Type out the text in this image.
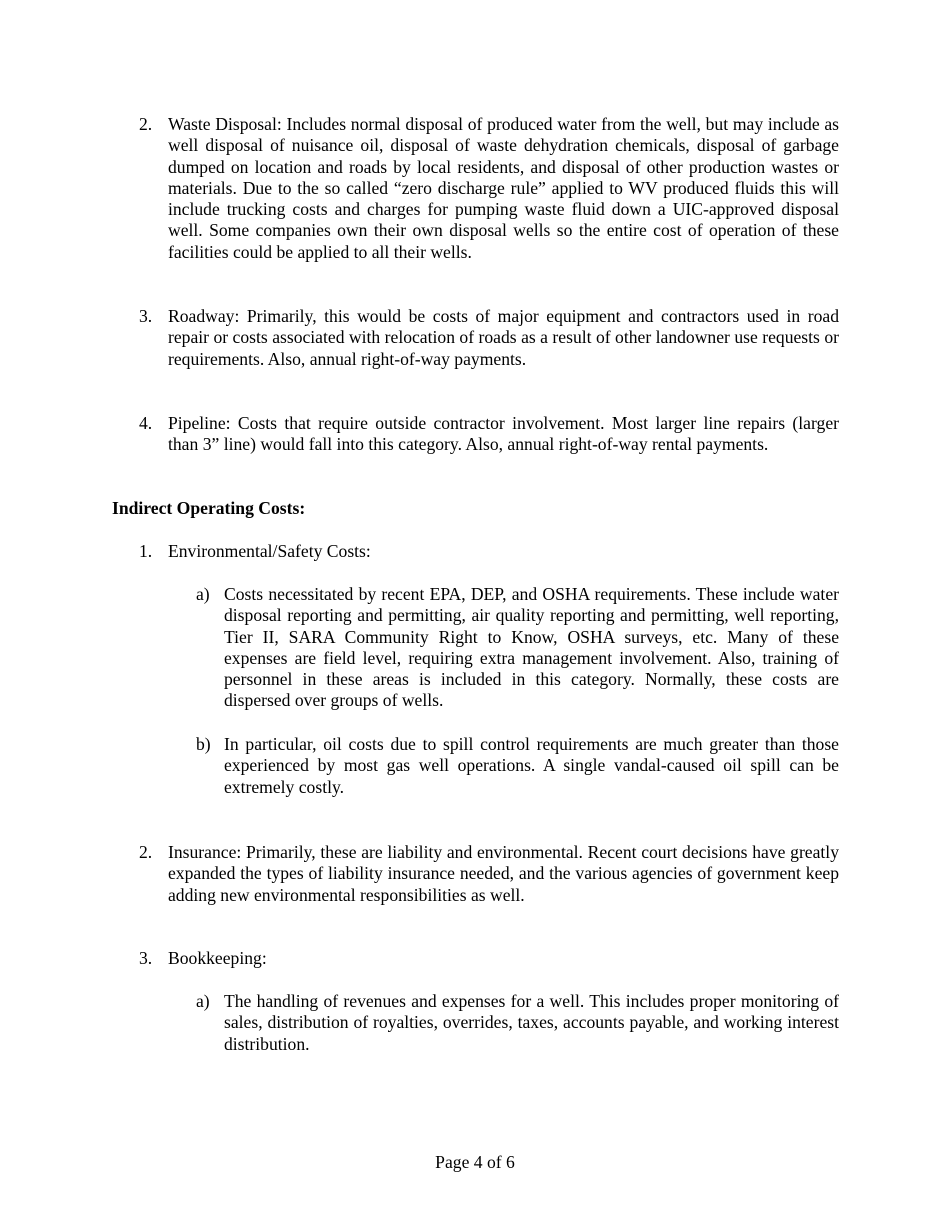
2. Waste Disposal: Includes normal disposal of produced water from the well, but may include as well disposal of nuisance oil, disposal of waste dehydration chemicals, disposal of garbage dumped on location and roads by local residents, and disposal of other production wastes or materials. Due to the so called “zero discharge rule” applied to WV produced fluids this will include trucking costs and charges for pumping waste fluid down a UIC-approved disposal well. Some companies own their own disposal wells so the entire cost of operation of these facilities could be applied to all their wells.
3. Roadway: Primarily, this would be costs of major equipment and contractors used in road repair or costs associated with relocation of roads as a result of other landowner use requests or requirements. Also, annual right-of-way payments.
4. Pipeline: Costs that require outside contractor involvement. Most larger line repairs (larger than 3” line) would fall into this category. Also, annual right-of-way rental payments.
Indirect Operating Costs:
1. Environmental/Safety Costs:
a) Costs necessitated by recent EPA, DEP, and OSHA requirements. These include water disposal reporting and permitting, air quality reporting and permitting, well reporting, Tier II, SARA Community Right to Know, OSHA surveys, etc. Many of these expenses are field level, requiring extra management involvement. Also, training of personnel in these areas is included in this category. Normally, these costs are dispersed over groups of wells.
b) In particular, oil costs due to spill control requirements are much greater than those experienced by most gas well operations. A single vandal-caused oil spill can be extremely costly.
2. Insurance: Primarily, these are liability and environmental. Recent court decisions have greatly expanded the types of liability insurance needed, and the various agencies of government keep adding new environmental responsibilities as well.
3. Bookkeeping:
a) The handling of revenues and expenses for a well. This includes proper monitoring of sales, distribution of royalties, overrides, taxes, accounts payable, and working interest distribution.
Page 4 of 6
